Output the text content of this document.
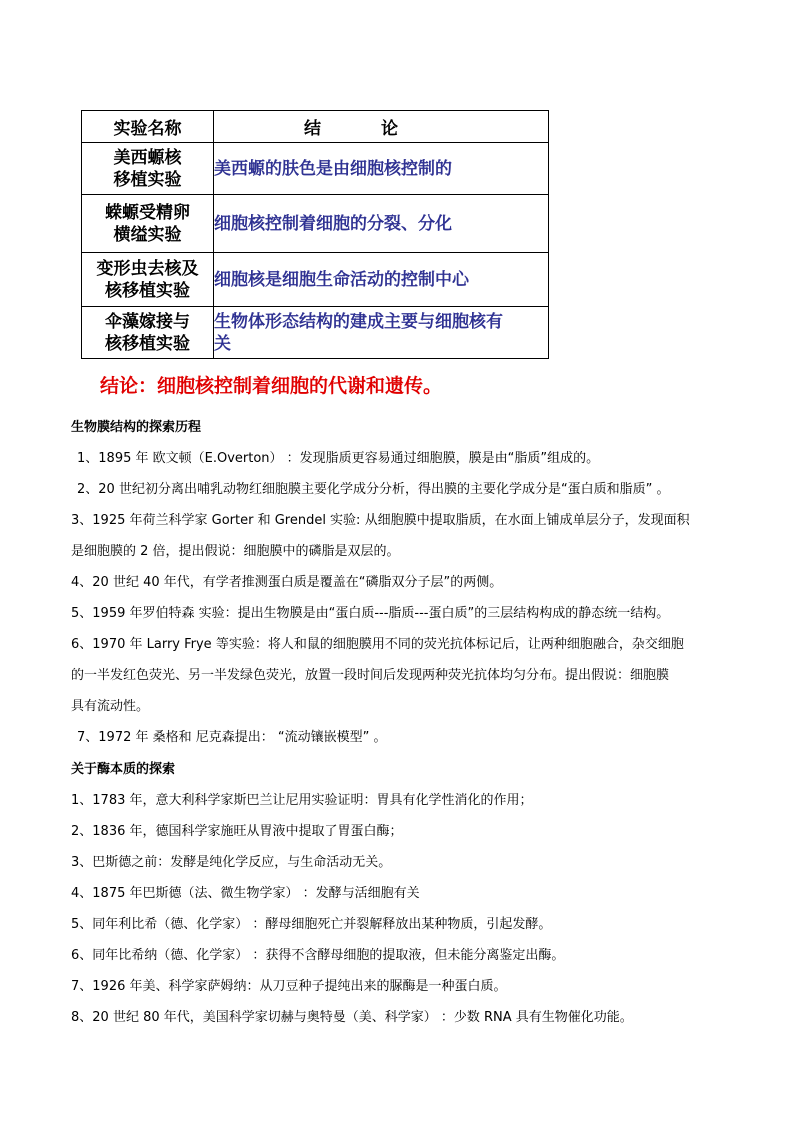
实验名称	结论

美西螈核
移植实验	美西螈的肤色是由细胞核控制的

蝾螈受精卵
横缢实验	细胞核控制着细胞的分裂、分化

变形虫去核及
核移植实验	细胞核是细胞生命活动的控制中心

伞藻嫁接与
核移植实验	生物体形态结构的建成主要与细胞核有
关
结论：细胞核控制着细胞的代谢和遗传。
生物膜结构的探索历程
1、1895 年 欧文顿（E.Overton） ：发现脂质更容易通过细胞膜，膜是由“脂质”组成的。
2、20 世纪初分离出哺乳动物红细胞膜主要化学成分分析，得出膜的主要化学成分是“蛋白质和脂质” 。
3、1925 年荷兰科学家 Gorter 和 Grendel 实验: 从细胞膜中提取脂质，在水面上铺成单层分子，发现面积
是细胞膜的 2 倍，提出假说：细胞膜中的磷脂是双层的。
4、20 世纪 40 年代，有学者推测蛋白质是覆盖在“磷脂双分子层”的两侧。
5、1959 年罗伯特森 实验：提出生物膜是由“蛋白质---脂质---蛋白质”的三层结构构成的静态统一结构。
6、1970 年 Larry Frye 等实验：将人和鼠的细胞膜用不同的荧光抗体标记后，让两种细胞融合，杂交细胞
的一半发红色荧光、另一半发绿色荧光，放置一段时间后发现两种荧光抗体均匀分布。提出假说：细胞膜
具有流动性。
7、1972 年 桑格和 尼克森提出： “流动镶嵌模型” 。
关于酶本质的探索
1、1783 年，意大利科学家斯巴兰让尼用实验证明：胃具有化学性消化的作用；
2、1836 年，德国科学家施旺从胃液中提取了胃蛋白酶；
3、巴斯德之前：发酵是纯化学反应，与生命活动无关。
4、1875 年巴斯德（法、微生物学家） ：发酵与活细胞有关
5、同年利比希（德、化学家） ：酵母细胞死亡并裂解释放出某种物质，引起发酵。
6、同年比希纳（德、化学家） ：获得不含酵母细胞的提取液，但未能分离鉴定出酶。
7、1926 年美、科学家萨姆纳：从刀豆种子提纯出来的脲酶是一种蛋白质。
8、20 世纪 80 年代，美国科学家切赫与奥特曼（美、科学家） ：少数 RNA 具有生物催化功能。
